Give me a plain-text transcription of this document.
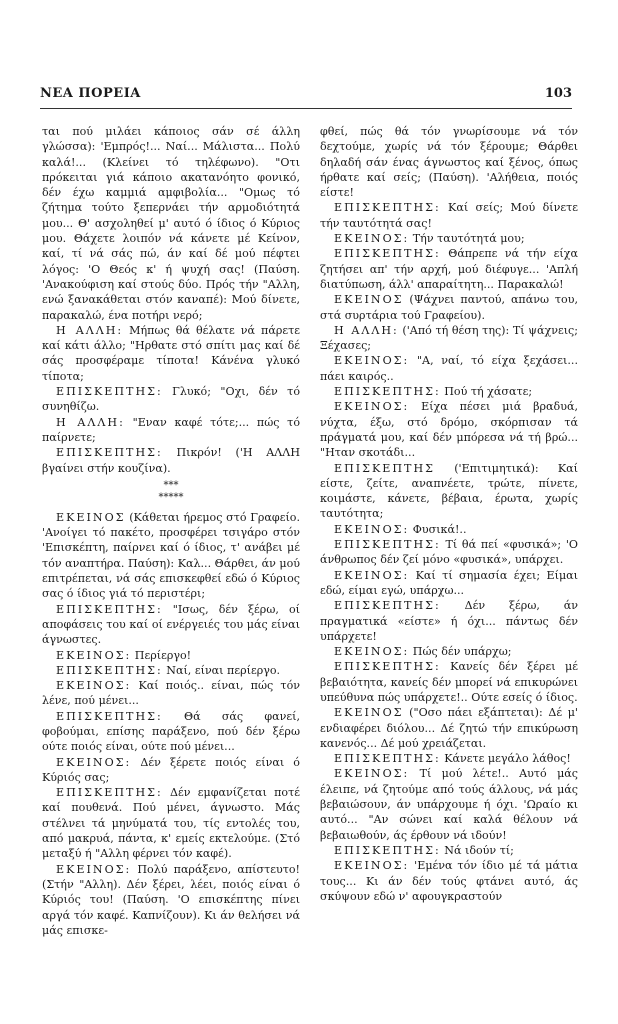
ΝΕΑ ΠΟΡΕΙΑ	103

ται πού μιλάει κάποιος σάν σέ άλλη γλώσσα): 'Εμπρός!... Ναί... Μάλιστα... Πολύ καλά!... (Κλείνει τό τηλέφωνο). "Οτι πρόκειται γιά κάποιο ακατανόητο φονικό, δέν έχω καμμιά αμφιβολία... "Ομως τό ζήτημα τούτο ξεπερνάει τήν αρμοδιότητά μου... Θ' ασχοληθεί μ' αυτό ό ίδιος ό Κύριος μου. Θάχετε λοιπόν νά κάνετε μέ Κείνον, καί, τί νά σάς πώ, άν καί δέ μού πέφτει λόγος: 'Ο Θεός κ' ή ψυχή σας! (Παύση. 'Ανακούφιση καί στούς δύο. Πρός τήν "Αλλη, ενώ ξανακάθεται στόν καναπέ): Μού δίνετε, παρακαλώ, ένα ποτήρι νερό;

Η ΑΛΛΗ: Μήπως θά θέλατε νά πάρετε καί κάτι άλλο; "Ηρθατε στό σπίτι μας καί δέ σάς προσφέραμε τίποτα! Κάνένα γλυκό τίποτα;

ΕΠΙΣΚΕΠΤΗΣ: Γλυκό; "Οχι, δέν τό συνηθίζω.

Η ΑΛΛΗ: "Εναν καφέ τότε;... πώς τό παίρνετε;

ΕΠΙΣΚΕΠΤΗΣ: Πικρόν! ('Η ΑΛΛΗ βγαίνει στήν κουζίνα).

***
*****

ΕΚΕΙΝΟΣ (Κάθεται ήρεμος στό Γραφείο. 'Ανοίγει τό πακέτο, προσφέρει τσιγάρο στόν 'Επισκέπτη, παίρνει καί ό ίδιος, τ' ανάβει μέ τόν αναπτήρα. Παύση): Καλ... Θάρθει, άν μού επιτρέπεται, νά σάς επισκεφθεί εδώ ό Κύριος σας ό ίδιος γιά τό περιστέρι;

ΕΠΙΣΚΕΠΤΗΣ: "Ισως, δέν ξέρω, οί αποφάσεις του καί οί ενέργειές του μάς είναι άγνωστες.

ΕΚΕΙΝΟΣ: Περίεργο!

ΕΠΙΣΚΕΠΤΗΣ: Ναί, είναι περίεργο.

ΕΚΕΙΝΟΣ: Καί ποιός.. είναι, πώς τόν λένε, πού μένει...

ΕΠΙΣΚΕΠΤΗΣ: Θά σάς φανεί, φοβούμαι, επίσης παράξενο, πού δέν ξέρω ούτε ποιός είναι, ούτε πού μένει...

ΕΚΕΙΝΟΣ: Δέν ξέρετε ποιός είναι ό Κύριός σας;

ΕΠΙΣΚΕΠΤΗΣ: Δέν εμφανίζεται ποτέ καί πουθενά. Πού μένει, άγνωστο. Μάς στέλνει τά μηνύματά του, τίς εντολές του, από μακρυά, πάντα, κ' εμείς εκτελούμε. (Στό μεταξύ ή "Αλλη φέρνει τόν καφέ).

ΕΚΕΙΝΟΣ: Πολύ παράξενο, απίστευτο! (Στήν "Αλλη). Δέν ξέρει, λέει, ποιός είναι ό Κύριός του! (Παύση. 'Ο επισκέπτης πίνει αργά τόν καφέ. Καπνίζουν). Κι άν θελήσει νά μάς επισκε-

φθεί, πώς θά τόν γνωρίσουμε νά τόν δεχτούμε, χωρίς νά τόν ξέρουμε; Θάρθει δηλαδή σάν ένας άγνωστος καί ξένος, όπως ήρθατε καί σείς; (Παύση). 'Αλήθεια, ποιός είστε!

ΕΠΙΣΚΕΠΤΗΣ: Καί σείς; Μού δίνετε τήν ταυτότητά σας!

ΕΚΕΙΝΟΣ: Τήν ταυτότητά μου;

ΕΠΙΣΚΕΠΤΗΣ: Θάπρεπε νά τήν είχα ζητήσει απ' τήν αρχή, μού διέφυγε... 'Απλή διατύπωση, άλλ' απαραίτητη... Παρακαλώ!

ΕΚΕΙΝΟΣ (Ψάχνει παντού, απάνω του, στά συρτάρια τού Γραφείου).

Η ΑΛΛΗ: ('Από τή θέση της): Τί ψάχνεις; Ξέχασες;

ΕΚΕΙΝΟΣ: "Α, ναί, τό είχα ξεχάσει... πάει καιρός..

ΕΠΙΣΚΕΠΤΗΣ: Πού τή χάσατε;

ΕΚΕΙΝΟΣ: Είχα πέσει μιά βραδυά, νύχτα, έξω, στό δρόμο, σκόρπισαν τά πράγματά μου, καί δέν μπόρεσα νά τή βρώ... "Ηταν σκοτάδι...

ΕΠΙΣΚΕΠΤΗΣ ('Επιτιμητικά): Καί είστε, ζείτε, αναπνέετε, τρώτε, πίνετε, κοιμάστε, κάνετε, βέβαια, έρωτα, χωρίς ταυτότητα;

ΕΚΕΙΝΟΣ: Φυσικά!..

ΕΠΙΣΚΕΠΤΗΣ: Τί θά πεί «φυσικά»; 'Ο άνθρωπος δέν ζεί μόνο «φυσικά», υπάρχει.

ΕΚΕΙΝΟΣ: Καί τί σημασία έχει; Είμαι εδώ, είμαι εγώ, υπάρχω...

ΕΠΙΣΚΕΠΤΗΣ: Δέν ξέρω, άν πραγματικά «είστε» ή όχι... πάντως δέν υπάρχετε!

ΕΚΕΙΝΟΣ: Πώς δέν υπάρχω;

ΕΠΙΣΚΕΠΤΗΣ: Κανείς δέν ξέρει μέ βεβαιότητα, κανείς δέν μπορεί νά επικυρώνει υπεύθυνα πώς υπάρχετε!.. Ούτε εσείς ό ίδιος.

ΕΚΕΙΝΟΣ ("Οσο πάει εξάπτεται): Δέ μ' ενδιαφέρει διόλου... Δέ ζητώ τήν επικύρωση κανενός... Δέ μού χρειάζεται.

ΕΠΙΣΚΕΠΤΗΣ: Κάνετε μεγάλο λάθος!

ΕΚΕΙΝΟΣ: Τί μού λέτε!.. Αυτό μάς έλειπε, νά ζητούμε από τούς άλλους, νά μάς βεβαιώσουν, άν υπάρχουμε ή όχι. 'Ωραίο κι αυτό... "Αν σώνει καί καλά θέλουν νά βεβαιωθούν, άς έρθουν νά ιδούν!

ΕΠΙΣΚΕΠΤΗΣ: Νά ιδούν τί;

ΕΚΕΙΝΟΣ: 'Εμένα τόν ίδιο μέ τά μάτια τους... Κι άν δέν τούς φτάνει αυτό, άς σκύψουν εδώ ν' αφουγκραστούν
